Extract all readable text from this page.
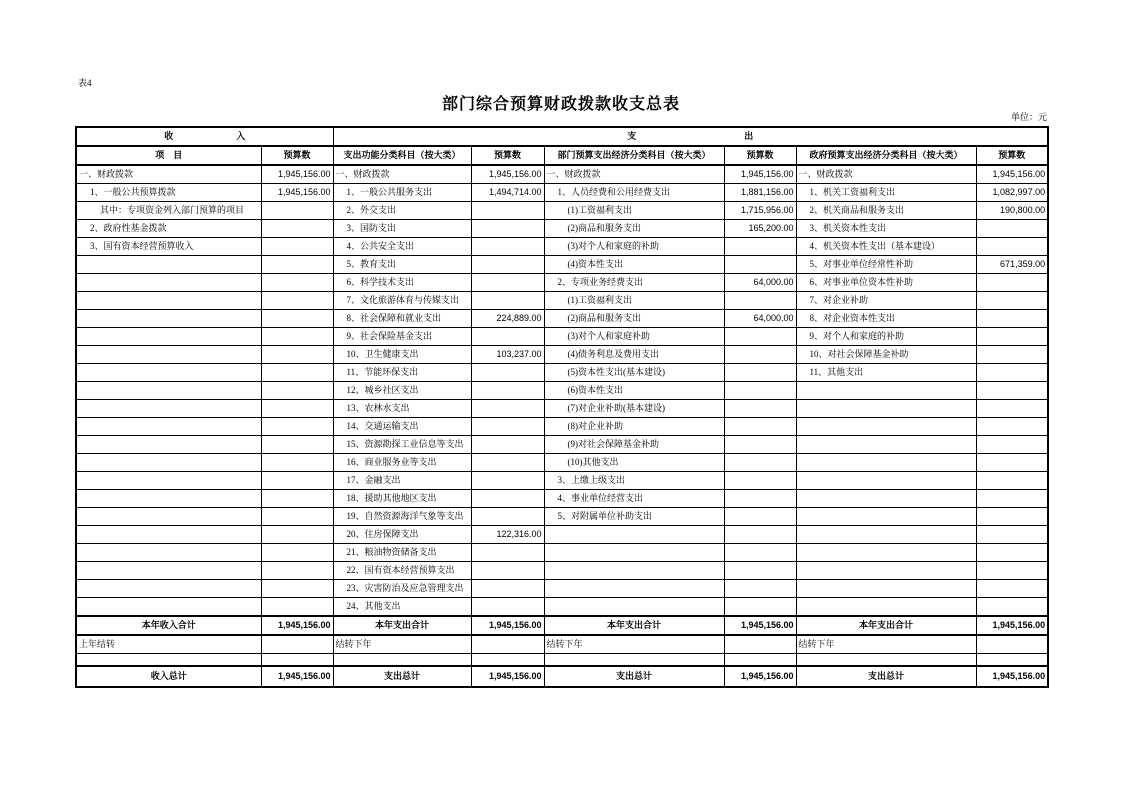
表4
部门综合预算财政拨款收支总表
单位：元
收　　　　　　　入		支　　　　　　　　　　　　出					
项　目	预算数	支出功能分类科目（按大类）	预算数	部门预算支出经济分类科目（按大类）	预算数	政府预算支出经济分类科目（按大类）	预算数
一、财政拨款	1,945,156.00	一、财政拨款	1,945,156.00	一、财政拨款	1,945,156.00	一、财政拨款	1,945,156.00
1、一般公共预算拨款	1,945,156.00	1、一般公共服务支出	1,494,714.00	1、人员经费和公用经费支出	1,881,156.00	1、机关工资福利支出	1,082,997.00
其中：专项资金列入部门预算的项目		2、外交支出		(1)工资福利支出	1,715,956.00	2、机关商品和服务支出	190,800.00
2、政府性基金拨款		3、国防支出		(2)商品和服务支出	165,200.00	3、机关资本性支出	
3、国有资本经营预算收入		4、公共安全支出		(3)对个人和家庭的补助		4、机关资本性支出（基本建设）	
		5、教育支出		(4)资本性支出		5、对事业单位经常性补助	671,359.00
		6、科学技术支出		2、专项业务经费支出	64,000.00	6、对事业单位资本性补助	
		7、文化旅游体育与传媒支出		(1)工资福利支出		7、对企业补助	
		8、社会保障和就业支出	224,889.00	(2)商品和服务支出	64,000.00	8、对企业资本性支出	
		9、社会保险基金支出		(3)对个人和家庭补助		9、对个人和家庭的补助	
		10、卫生健康支出	103,237.00	(4)债务利息及费用支出		10、对社会保障基金补助	
		11、节能环保支出		(5)资本性支出(基本建设)		11、其他支出	
		12、城乡社区支出		(6)资本性支出			
		13、农林水支出		(7)对企业补助(基本建设)			
		14、交通运输支出		(8)对企业补助			
		15、资源勘探工业信息等支出		(9)对社会保障基金补助			
		16、商业服务业等支出		(10)其他支出			
		17、金融支出		3、上缴上级支出			
		18、援助其他地区支出		4、事业单位经营支出			
		19、自然资源海洋气象等支出		5、对附属单位补助支出			
		20、住房保障支出	122,316.00				
		21、粮油物资储备支出					
		22、国有资本经营预算支出					
		23、灾害防治及应急管理支出					
		24、其他支出					
本年收入合计	1,945,156.00	本年支出合计	1,945,156.00	本年支出合计	1,945,156.00	本年支出合计	1,945,156.00
上年结转		结转下年		结转下年		结转下年	

收入总计	1,945,156.00	支出总计	1,945,156.00	支出总计	1,945,156.00	支出总计	1,945,156.00
